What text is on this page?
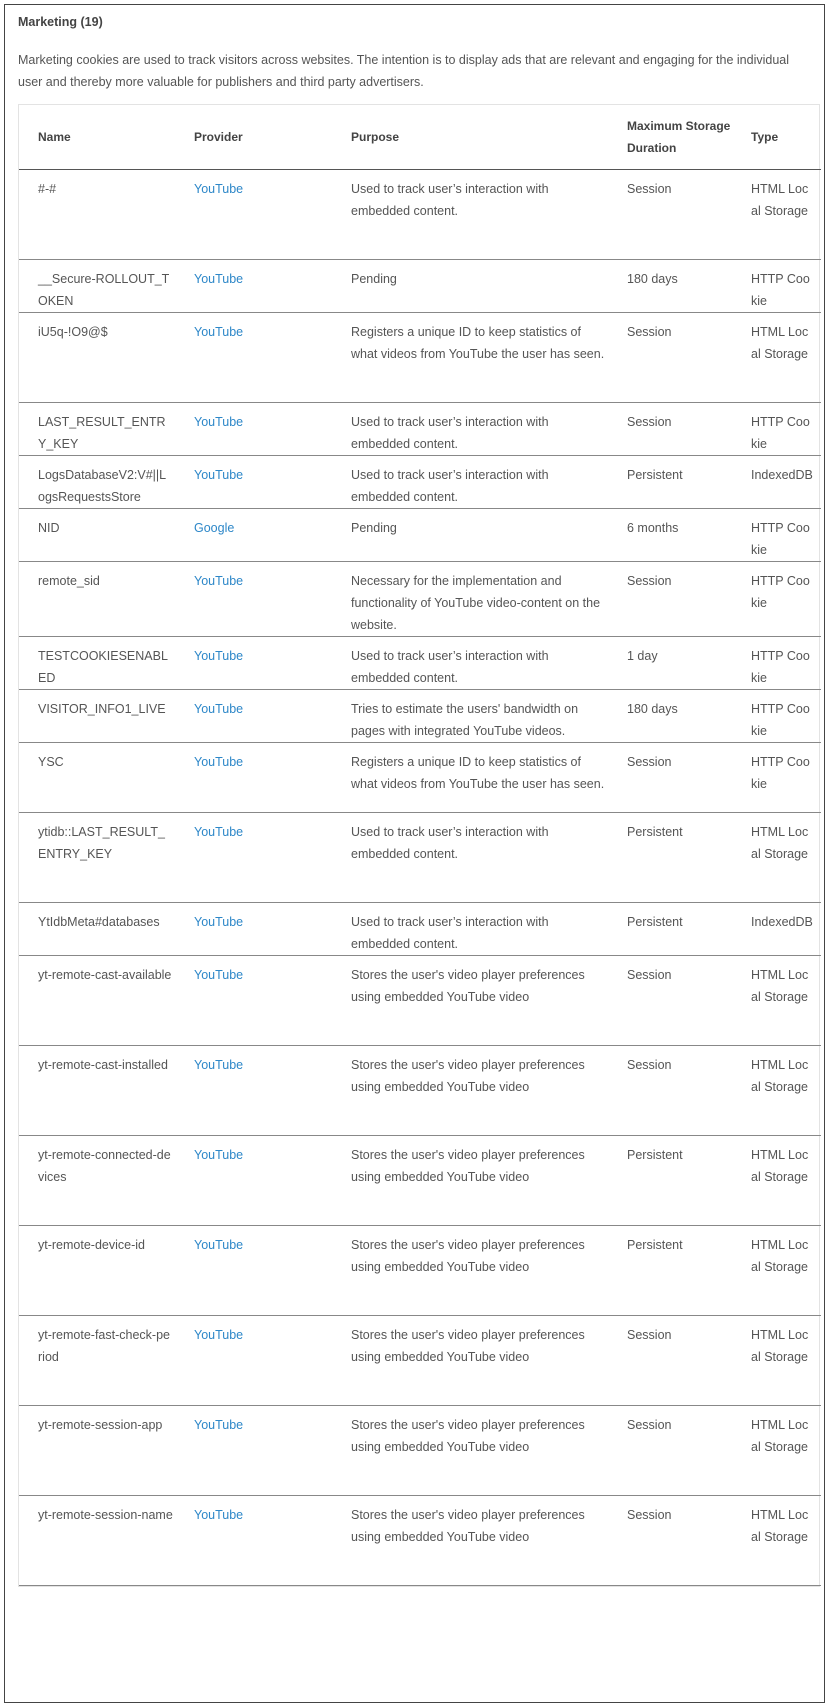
Marketing (19)
Marketing cookies are used to track visitors across websites. The intention is to display ads that are relevant and engaging for the individual user and thereby more valuable for publishers and third party advertisers.
Name	Provider	Purpose	Maximum Storage Duration	Type
#-#	YouTube	Used to track user’s interaction with embedded content.	Session	HTML Local Storage
__Secure-ROLLOUT_TOKEN	YouTube	Pending	180 days	HTTP Cookie
iU5q-!O9@$	YouTube	Registers a unique ID to keep statistics of what videos from YouTube the user has seen.	Session	HTML Local Storage
LAST_RESULT_ENTRY_KEY	YouTube	Used to track user’s interaction with embedded content.	Session	HTTP Cookie
LogsDatabaseV2:V#||LogsRequestsStore	YouTube	Used to track user’s interaction with embedded content.	Persistent	IndexedDB
NID	Google	Pending	6 months	HTTP Cookie
remote_sid	YouTube	Necessary for the implementation and functionality of YouTube video-content on the website.	Session	HTTP Cookie
TESTCOOKIESENABLED	YouTube	Used to track user’s interaction with embedded content.	1 day	HTTP Cookie
VISITOR_INFO1_LIVE	YouTube	Tries to estimate the users' bandwidth on pages with integrated YouTube videos.	180 days	HTTP Cookie
YSC	YouTube	Registers a unique ID to keep statistics of what videos from YouTube the user has seen.	Session	HTTP Cookie
ytidb::LAST_RESULT_ENTRY_KEY	YouTube	Used to track user’s interaction with embedded content.	Persistent	HTML Local Storage
YtIdbMeta#databases	YouTube	Used to track user’s interaction with embedded content.	Persistent	IndexedDB
yt-remote-cast-available	YouTube	Stores the user's video player preferences using embedded YouTube video	Session	HTML Local Storage
yt-remote-cast-installed	YouTube	Stores the user's video player preferences using embedded YouTube video	Session	HTML Local Storage
yt-remote-connected-devices	YouTube	Stores the user's video player preferences using embedded YouTube video	Persistent	HTML Local Storage
yt-remote-device-id	YouTube	Stores the user's video player preferences using embedded YouTube video	Persistent	HTML Local Storage
yt-remote-fast-check-period	YouTube	Stores the user's video player preferences using embedded YouTube video	Session	HTML Local Storage
yt-remote-session-app	YouTube	Stores the user's video player preferences using embedded YouTube video	Session	HTML Local Storage
yt-remote-session-name	YouTube	Stores the user's video player preferences using embedded YouTube video	Session	HTML Local Storage
